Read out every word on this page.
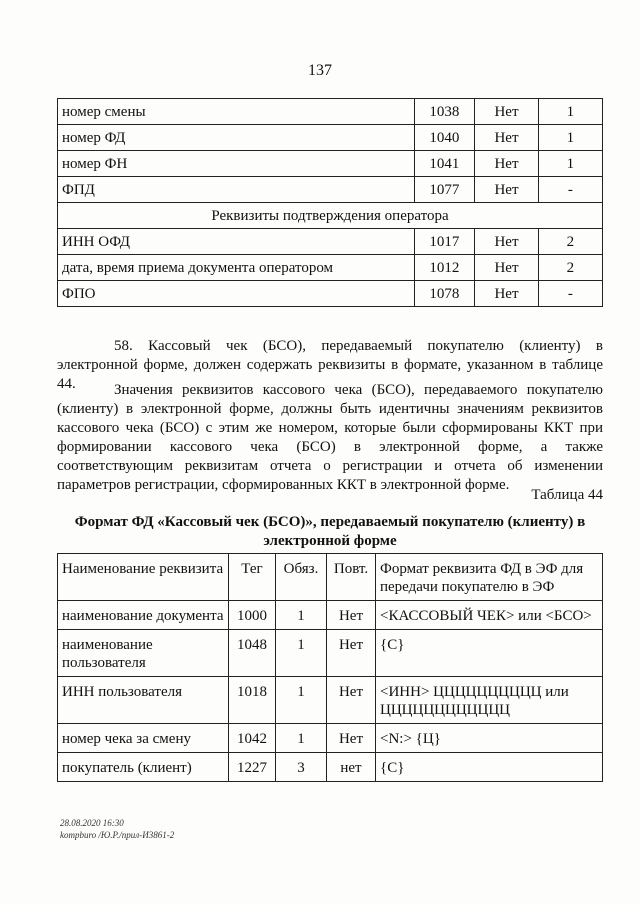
137
номер смены	1038	Нет	1
номер ФД	1040	Нет	1
номер ФН	1041	Нет	1
ФПД	1077	Нет	-
Реквизиты подтверждения оператора			
ИНН ОФД	1017	Нет	2
дата, время приема документа оператором	1012	Нет	2
ФПО	1078	Нет	-

58. Кассовый чек (БСО), передаваемый покупателю (клиенту) в электронной форме, должен содержать реквизиты в формате, указанном в таблице 44.	Значения реквизитов кассового чека (БСО), передаваемого покупателю (клиенту) в электронной форме, должны быть идентичны значениям реквизитов кассового чека (БСО) с этим же номером, которые были сформированы ККТ при формировании кассового чека (БСО) в электронной форме, а также соответствующим реквизитам отчета о регистрации и отчета об изменении параметров регистрации, сформированных ККТ в электронной форме.

Таблица 44
Формат ФД «Кассовый чек (БСО)», передаваемый покупателю (клиенту) в электронной форме
Наименование реквизита	Тег	Обяз.	Повт.	Формат реквизита ФД в ЭФ для передачи покупателю в ЭФ
наименование документа	1000	1	Нет	<КАССОВЫЙ ЧЕК> или <БСО>
наименование пользователя	1048	1	Нет	{С}
ИНН пользователя	1018	1	Нет	<ИНН> ЦЦЦЦЦЦЦЦЦЦ или ЦЦЦЦЦЦЦЦЦЦЦЦ
номер чека за смену	1042	1	Нет	<N:> {Ц}
покупатель (клиент)	1227	3	нет	{С}
28.08.2020 16:30
kompburo /Ю.Р./прил-И3861-2
